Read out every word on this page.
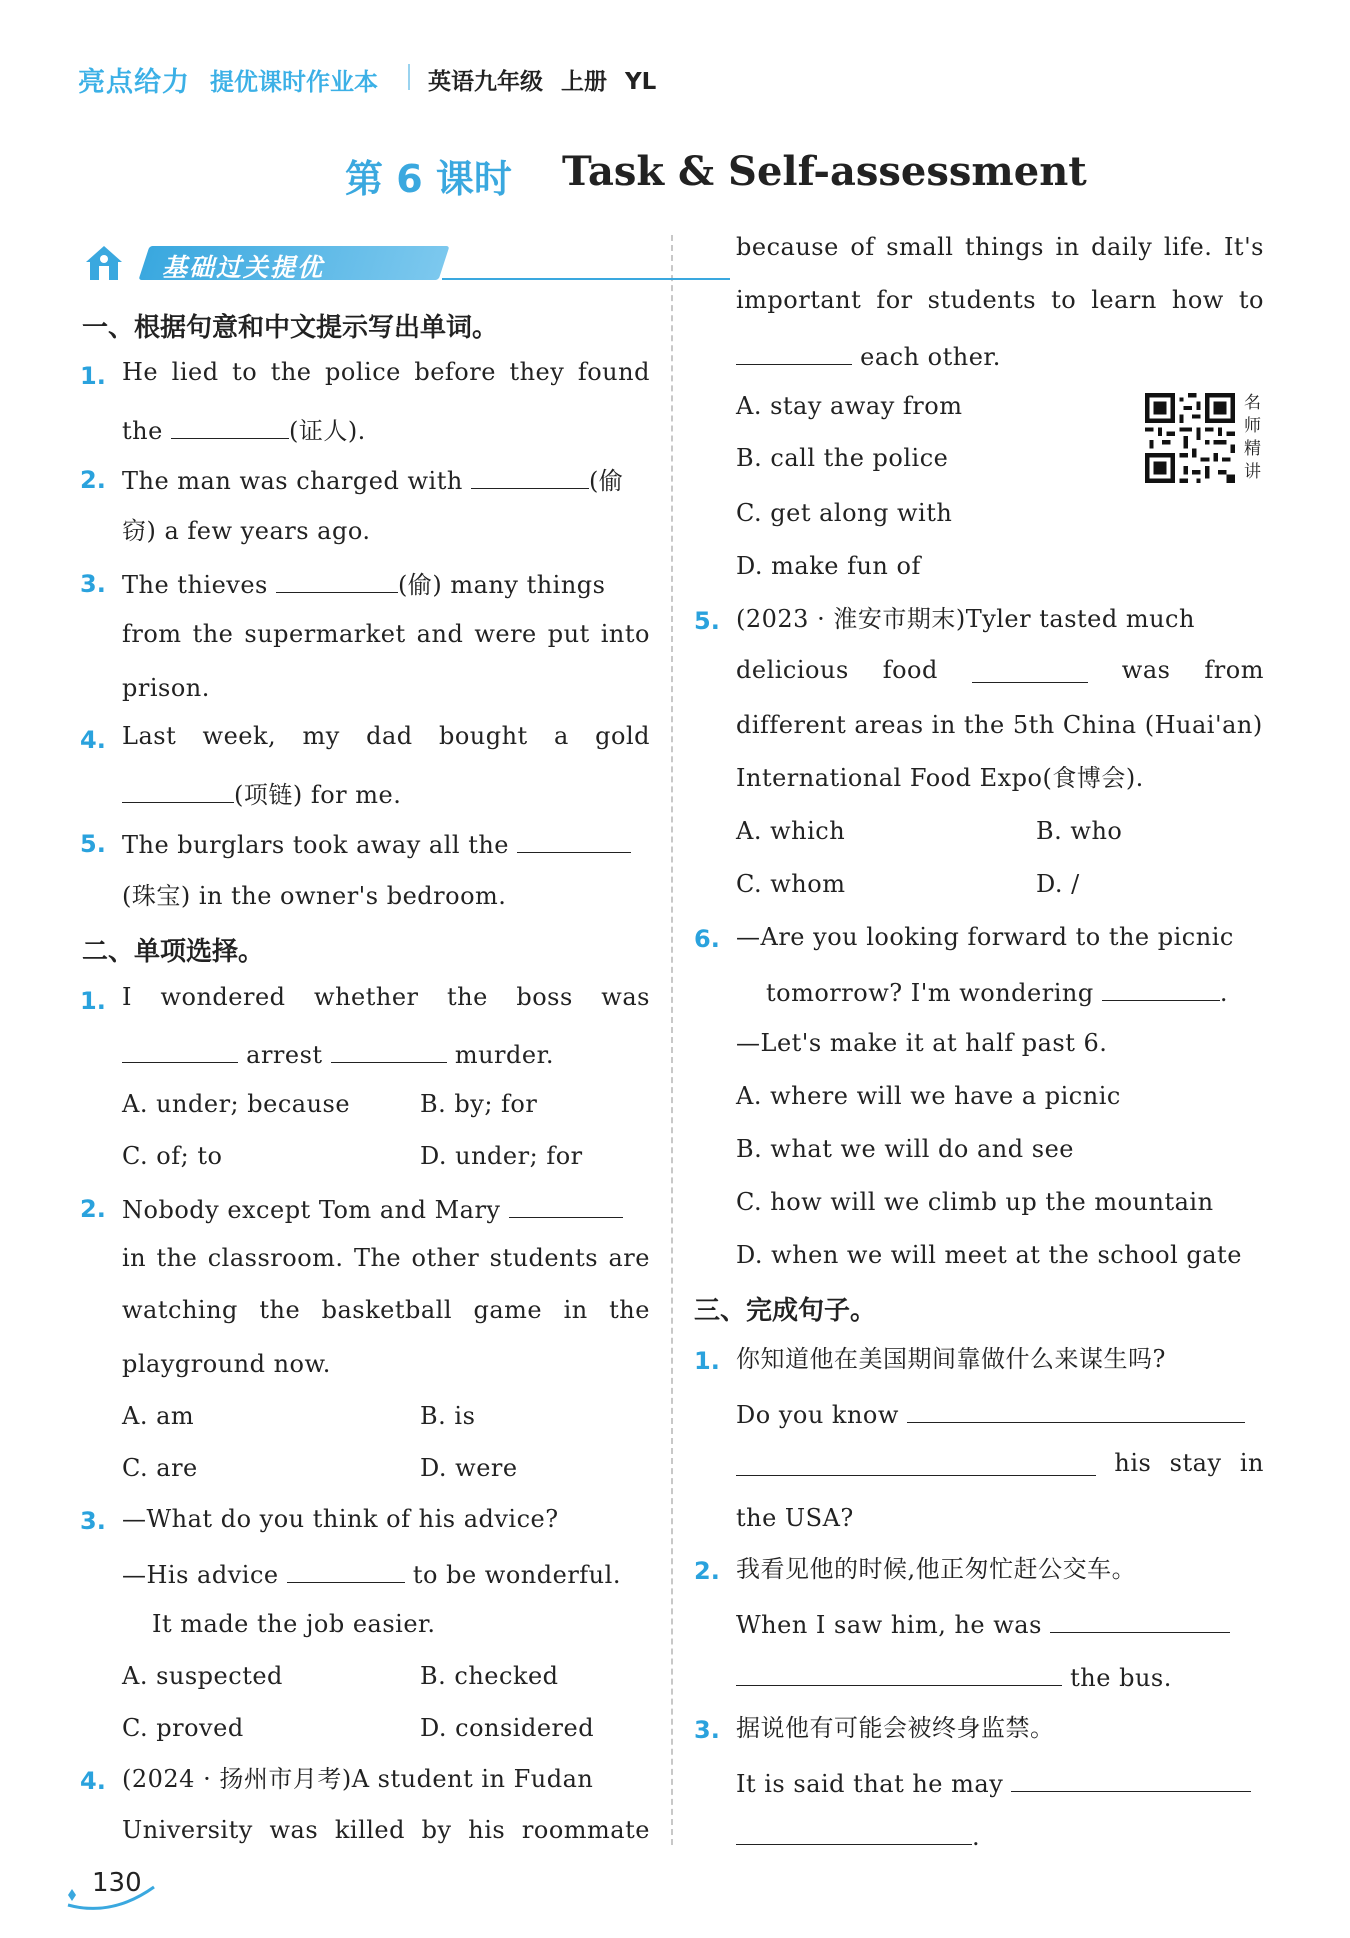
亮点给力 提优课时作业本 英语九年级 上册 YL
第 6 课时 Task & Self-assessment
基础过关提优
一、根据句意和中文提示写出单词。
1. He lied to the police before they found
the	(证人).
2. The man was charged with	(偷
窃) a few years ago.
3. The thieves	(偷) many things
from the supermarket and were put into
prison.
4. Last week, my dad bought a gold
(项链) for me.
5. The burglars took away all the
(珠宝) in the owner's bedroom.
二、单项选择。
1. I wondered whether the boss was
arrest	murder.
A. under; because	B. by; for
C. of; to	D. under; for
2. Nobody except Tom and Mary
in the classroom. The other students are
watching the basketball game in the
playground now.
A. am	B. is
C. are	D. were
3. —What do you think of his advice?
—His advice	to be wonderful.
It made the job easier.
A. suspected	B. checked
C. proved	D. considered
4. (2024 · 扬州市月考)A student in Fudan
University was killed by his roommate
130
because of small things in daily life. It's
important for students to learn how to
each other.
A. stay away from
B. call the police
C. get along with
D. make fun of
名师精讲
5. (2023 · 淮安市期末)Tyler tasted much
delicious food	was from
different areas in the 5th China (Huai'an)
International Food Expo(食博会).
A. which	B. who
C. whom	D. /
6. —Are you looking forward to the picnic
tomorrow? I'm wondering	.
—Let's make it at half past 6.
A. where will we have a picnic
B. what we will do and see
C. how will we climb up the mountain
D. when we will meet at the school gate
三、完成句子。
1. 你知道他在美国期间靠做什么来谋生吗?
Do you know
his stay in
the USA?
2. 我看见他的时候,他正匆忙赶公交车。
When I saw him, he was
the bus.
3. 据说他有可能会被终身监禁。
It is said that he may
.
